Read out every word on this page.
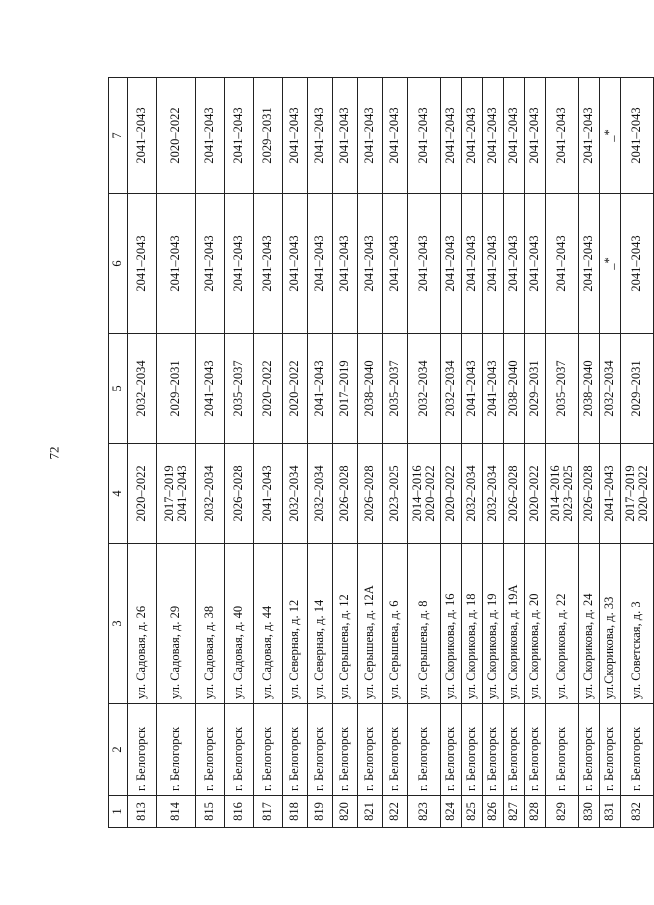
72
1	2	3	4	5	6	7
813	г. Белогорск	ул. Садовая, д. 26	2020–2022	2032–2034	2041–2043	2041–2043

814	г. Белогорск	ул. Садовая, д. 29	2017–2019 2041–2043	2029–2031	2041–2043	2020–2022

815	г. Белогорск	ул. Садовая, д. 38	2032–2034	2041–2043	2041–2043	2041–2043

816	г. Белогорск	ул. Садовая, д. 40	2026–2028	2035–2037	2041–2043	2041–2043

817	г. Белогорск	ул. Садовая, д. 44	2041–2043	2020–2022	2041–2043	2029–2031

818	г. Белогорск	ул. Северная, д. 12	2032–2034	2020–2022	2041–2043	2041–2043

819	г. Белогорск	ул. Северная, д. 14	2032–2034	2041–2043	2041–2043	2041–2043

820	г. Белогорск	ул. Серышева, д. 12	2026–2028	2017–2019	2041–2043	2041–2043

821	г. Белогорск	ул. Серышева, д. 12А	2026–2028	2038–2040	2041–2043	2041–2043

822	г. Белогорск	ул. Серышева, д. 6	2023–2025	2035–2037	2041–2043	2041–2043

823	г. Белогорск	ул. Серышева, д. 8	2014–2016 2020–2022	2032–2034	2041–2043	2041–2043

824	г. Белогорск	ул. Скорикова, д. 16	2020–2022	2032–2034	2041–2043	2041–2043

825	г. Белогорск	ул. Скорикова, д. 18	2032–2034	2041–2043	2041–2043	2041–2043

826	г. Белогорск	ул. Скорикова, д. 19	2032–2034	2041–2043	2041–2043	2041–2043

827	г. Белогорск	ул. Скорикова, д. 19А	2026–2028	2038–2040	2041–2043	2041–2043

828	г. Белогорск	ул. Скорикова, д. 20	2020–2022	2029–2031	2041–2043	2041–2043

829	г. Белогорск	ул. Скорикова, д. 22	2014–2016 2023–2025	2035–2037	2041–2043	2041–2043

830	г. Белогорск	ул. Скорикова, д. 24	2026–2028	2038–2040	2041–2043	2041–2043

831	г. Белогорск	ул.Скорикова, д. 33	2041–2043	2032–2034	_*	_*

832	г. Белогорск	ул. Советская, д. 3	2017–2019 2020–2022	2029–2031	2041–2043	2041–2043
